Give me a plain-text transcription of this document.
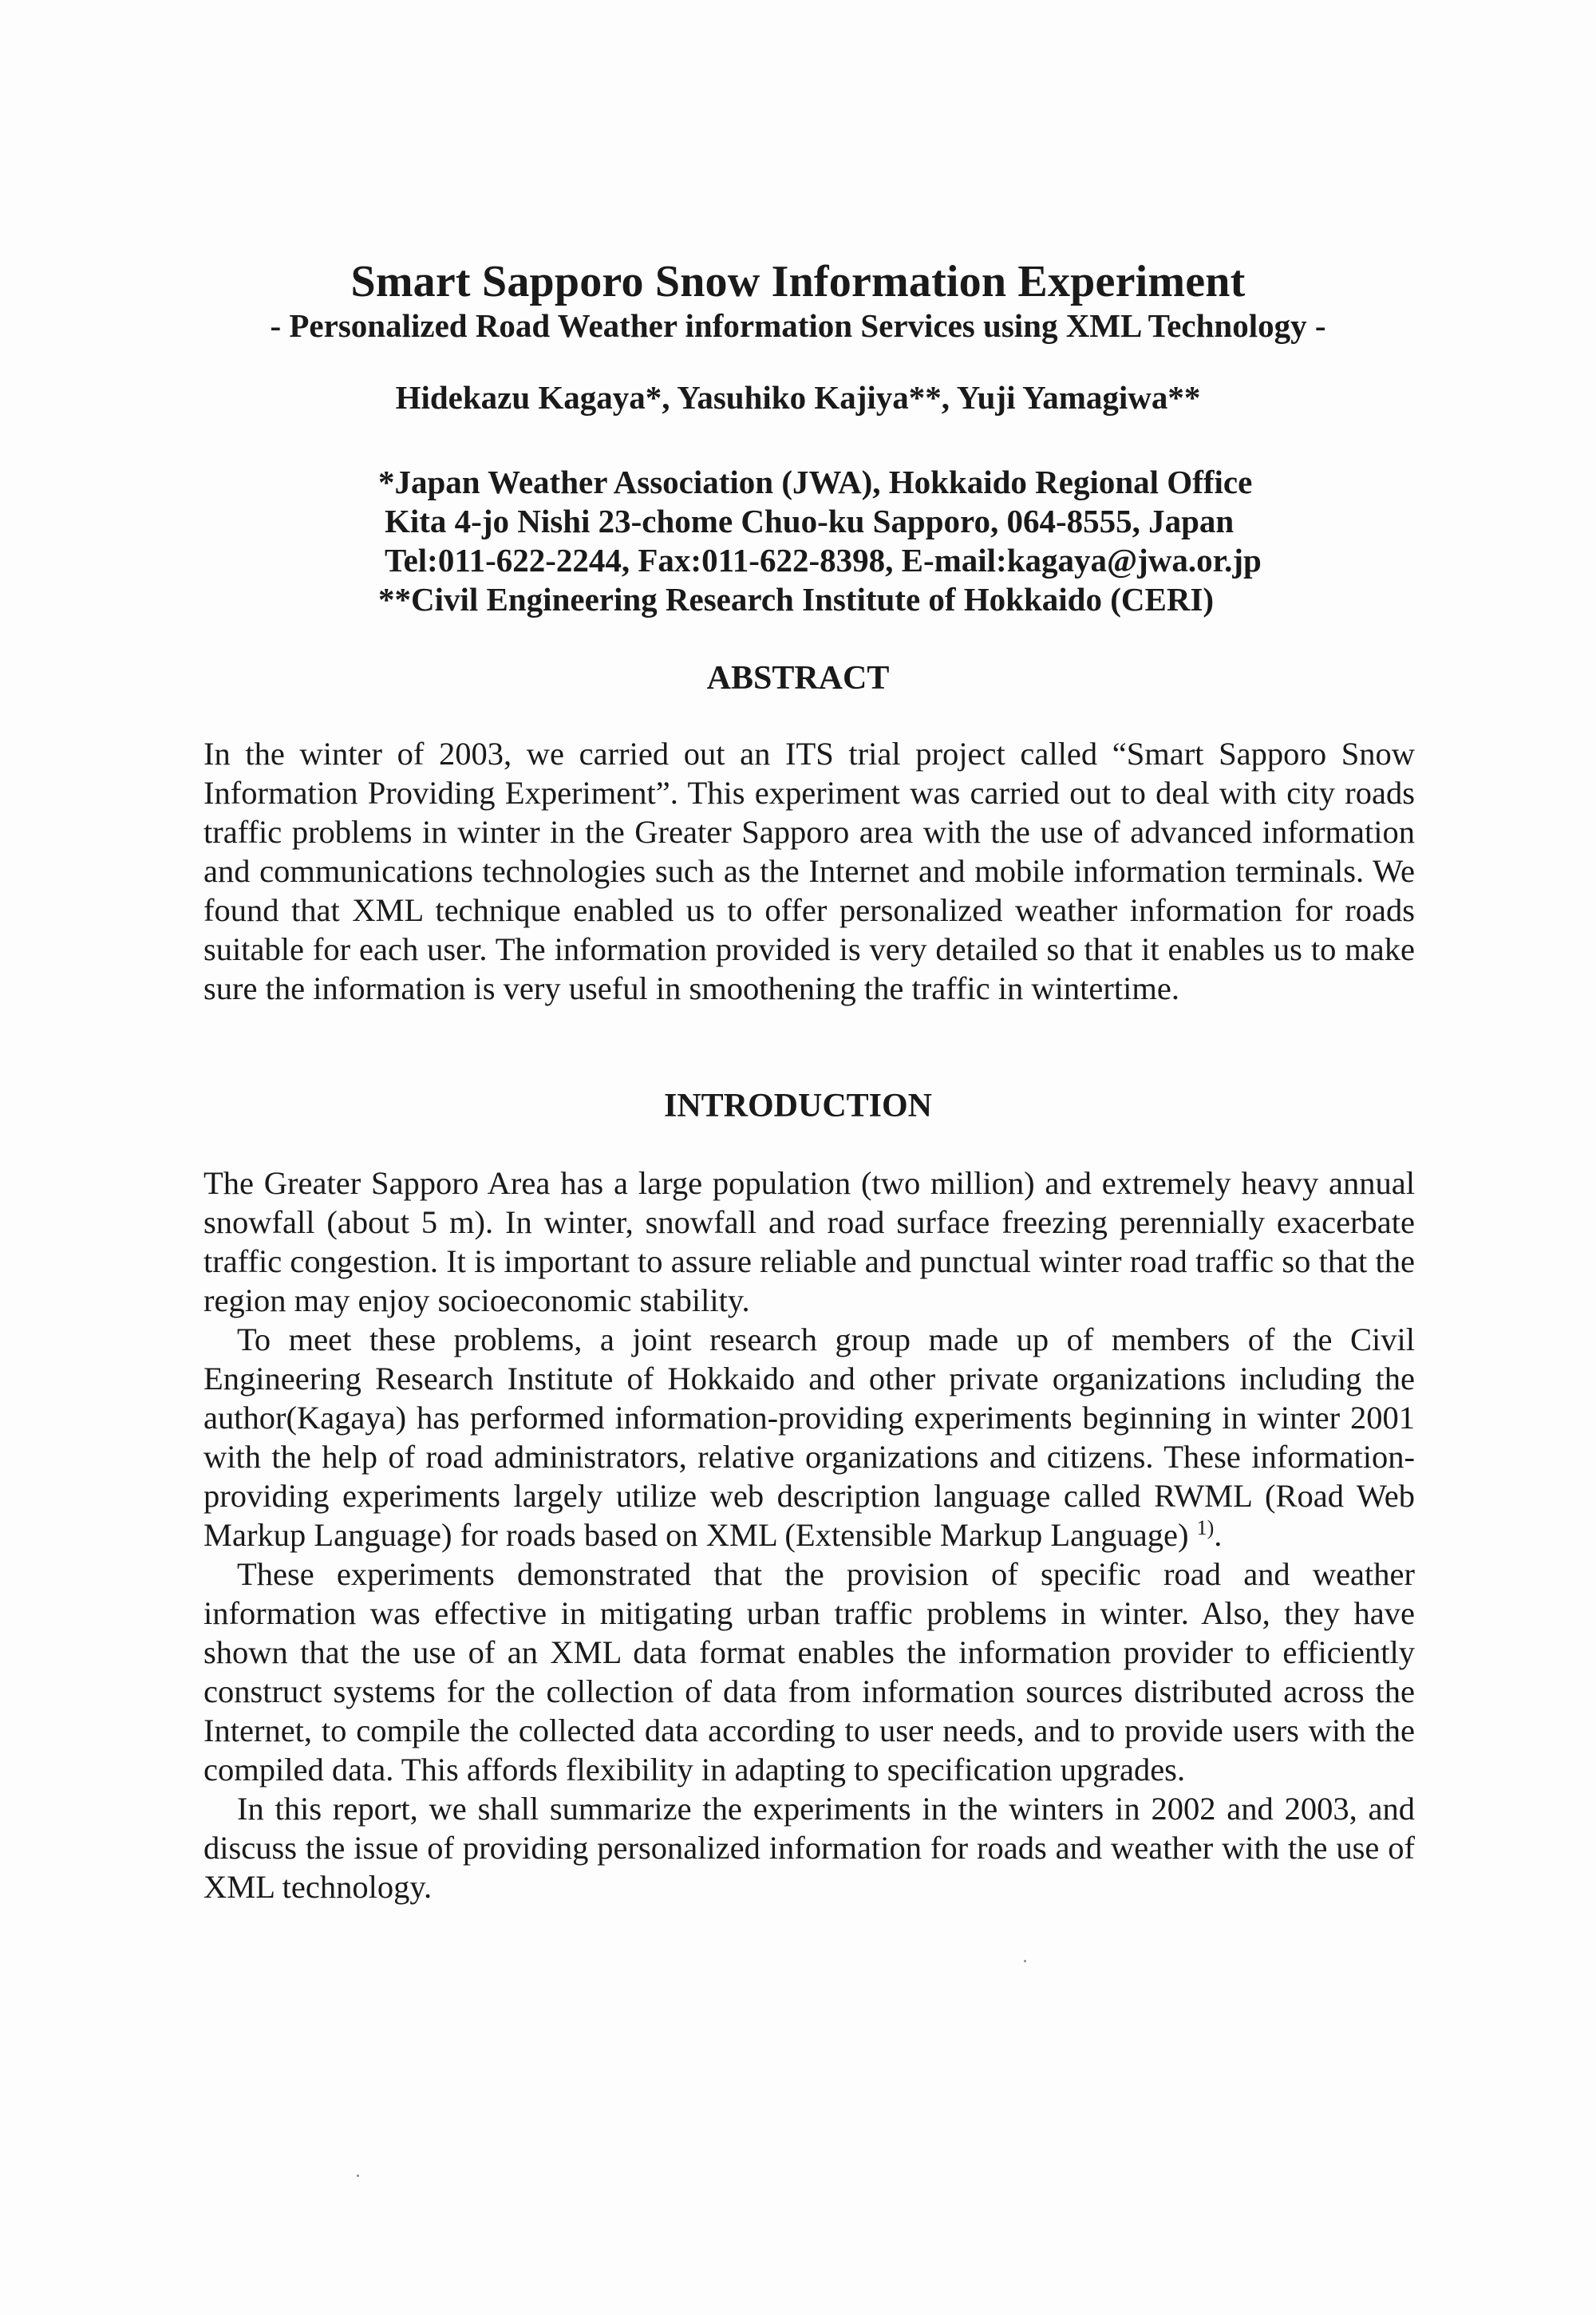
Smart Sapporo Snow Information Experiment
- Personalized Road Weather information Services using XML Technology -
Hidekazu Kagaya*, Yasuhiko Kajiya**, Yuji Yamagiwa**
*Japan Weather Association (JWA), Hokkaido Regional Office
Kita 4-jo Nishi 23-chome Chuo-ku Sapporo, 064-8555, Japan
Tel:011-622-2244, Fax:011-622-8398, E-mail:kagaya@jwa.or.jp
**Civil Engineering Research Institute of Hokkaido (CERI)
ABSTRACT

In the winter of 2003, we carried out an ITS trial project called “Smart Sapporo Snow Information Providing Experiment”. This experiment was carried out to deal with city roads traffic problems in winter in the Greater Sapporo area with the use of advanced information and communications technologies such as the Internet and mobile information terminals. We found that XML technique enabled us to offer personalized weather information for roads suitable for each user. The information provided is very detailed so that it enables us to make sure the information is very useful in smoothening the traffic in wintertime.

INTRODUCTION

The Greater Sapporo Area has a large population (two million) and extremely heavy annual snowfall (about 5 m). In winter, snowfall and road surface freezing perennially exacerbate traffic congestion. It is important to assure reliable and punctual winter road traffic so that the region may enjoy socioeconomic stability.

To meet these problems, a joint research group made up of members of the Civil Engineering Research Institute of Hokkaido and other private organizations including the author(Kagaya) has performed information-providing experiments beginning in winter 2001 with the help of road administrators, relative organizations and citizens. These information-providing experiments largely utilize web description language called RWML (Road Web Markup Language) for roads based on XML (Extensible Markup Language) $^{1)}$.

These experiments demonstrated that the provision of specific road and weather information was effective in mitigating urban traffic problems in winter. Also, they have shown that the use of an XML data format enables the information provider to efficiently construct systems for the collection of data from information sources distributed across the Internet, to compile the collected data according to user needs, and to provide users with the compiled data. This affords flexibility in adapting to specification upgrades.

In this report, we shall summarize the experiments in the winters in 2002 and 2003, and discuss the issue of providing personalized information for roads and weather with the use of XML technology.
